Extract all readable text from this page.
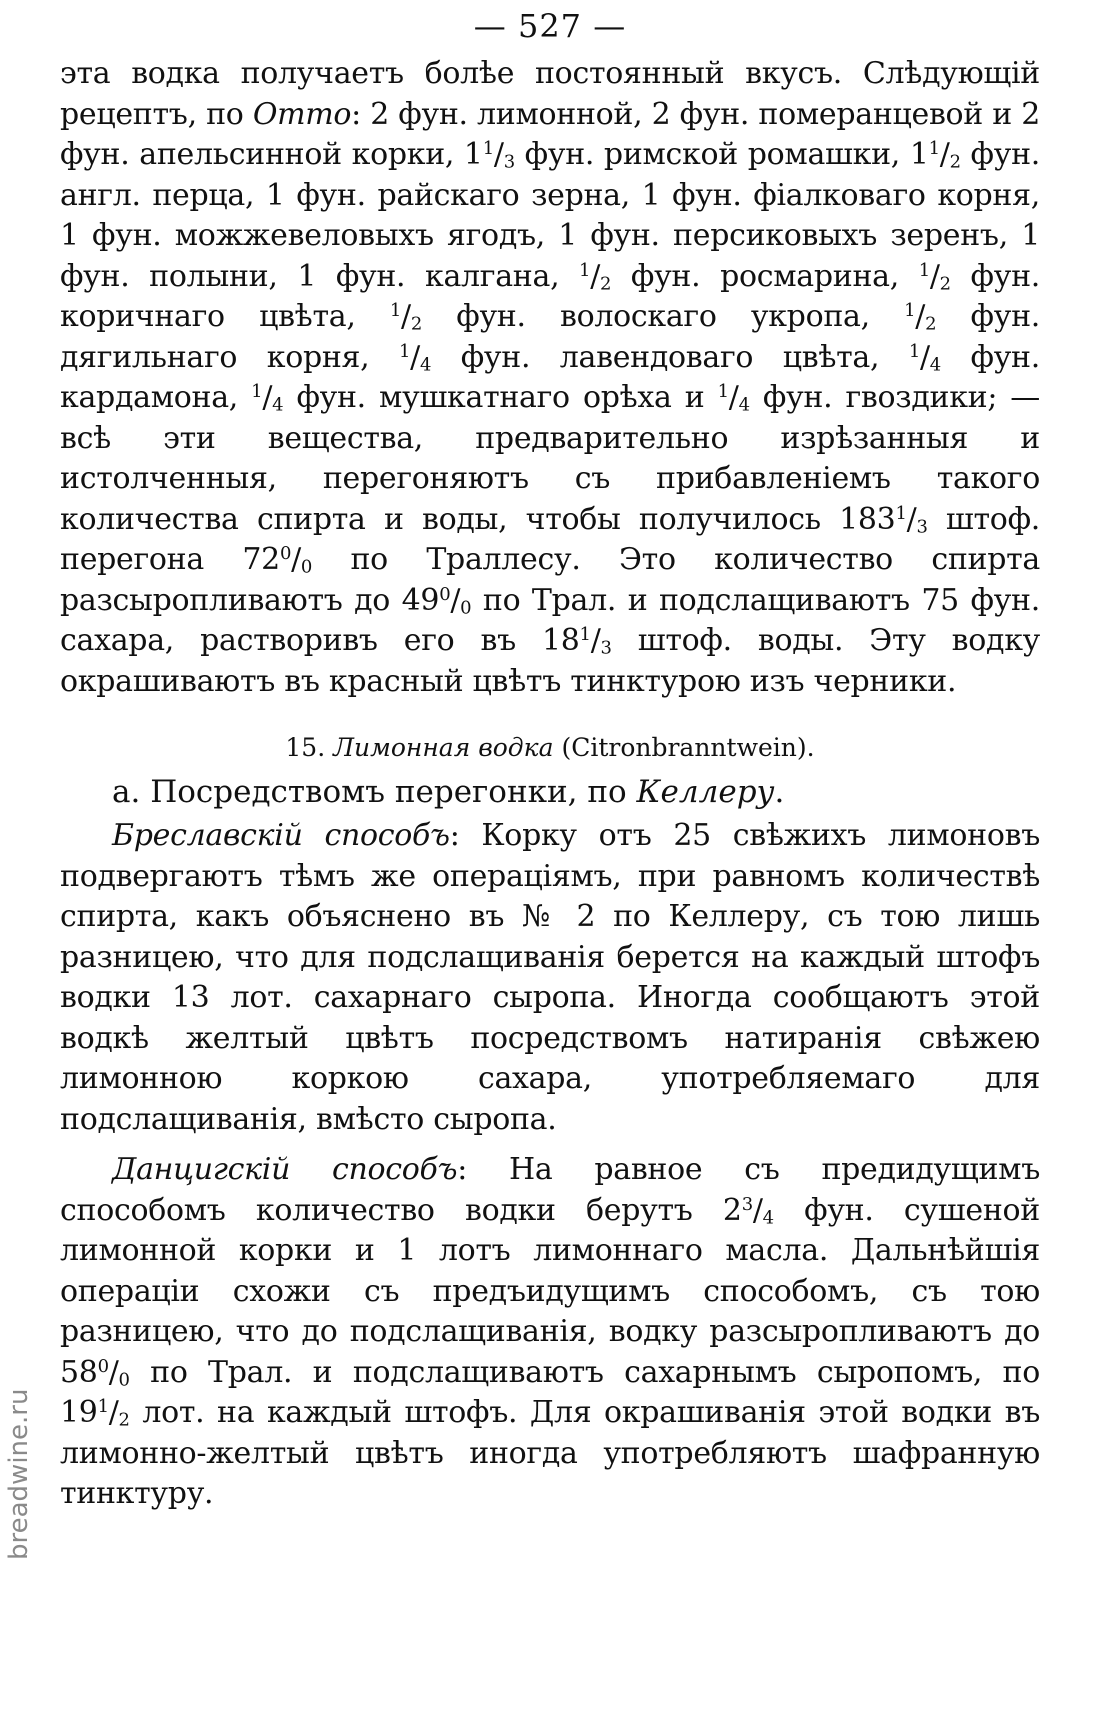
— 527 —

эта водка получаетъ болѣе постоянный вкусъ. Слѣдующій рецептъ, по Отто: 2 фун. лимонной, 2 фун. померанцевой и 2 фун. апельсинной корки, $1^1/_3$ фун. римской ромашки, $1^1/_2$ фун. англ. перца, 1 фун. райскаго зерна, 1 фун. фіалковаго корня, 1 фун. можжевеловыхъ ягодъ, 1 фун. персиковыхъ зеренъ, 1 фун. полыни, 1 фун. калгана, $^1/_2$ фун. росмарина, $^1/_2$ фун. коричнаго цвѣта, $^1/_2$ фун. волоскаго укропа, $^1/_2$ фун. дягильнаго корня, $^1/_4$ фун. лавендоваго цвѣта, $^1/_4$ фун. кардамона, $^1/_4$ фун. мушкатнаго орѣха и $^1/_4$ фун. гвоздики; — всѣ эти вещества, предварительно изрѣзанныя и истолченныя, перегоняютъ съ прибавленіемъ такого количества спирта и воды, чтобы получилось $183^1/_3$ штоф. перегона $72^0/_0$ по Траллесу. Это количество спирта разсыропливаютъ до $49^0/_0$ по Трал. и подслащиваютъ 75 фун. сахара, растворивъ его въ $18^1/_3$ штоф. воды. Эту водку окрашиваютъ въ красный цвѣтъ тинктурою изъ черники.

15. Лимонная водка (Citronbranntwein).
а. Посредствомъ перегонки, по Келлеру.

Бреславскій способъ: Корку отъ 25 свѣжихъ лимоновъ подвергаютъ тѣмъ же операціямъ, при равномъ количествѣ спирта, какъ объяснено въ № 2 по Келлеру, съ тою лишь разницею, что для подслащиванія берется на каждый штофъ водки 13 лот. сахарнаго сыропа. Иногда сообщаютъ этой водкѣ желтый цвѣтъ посредствомъ натиранія свѣжею лимонною коркою сахара, употребляемаго для подслащиванія, вмѣсто сыропа.

Данцигскій способъ: На равное съ предидущимъ способомъ количество водки берутъ $2^3/_4$ фун. сушеной лимонной корки и 1 лотъ лимоннаго масла. Дальнѣйшія операціи схожи съ предъидущимъ способомъ, съ тою разницею, что до подслащиванія, водку разсыропливаютъ до $58^0/_0$ по Трал. и подслащиваютъ сахарнымъ сыропомъ, по $19^1/_2$ лот. на каждый штофъ. Для окрашиванія этой водки въ лимонно-желтый цвѣтъ иногда употребляютъ шафранную тинктуру.

breadwine.ru
